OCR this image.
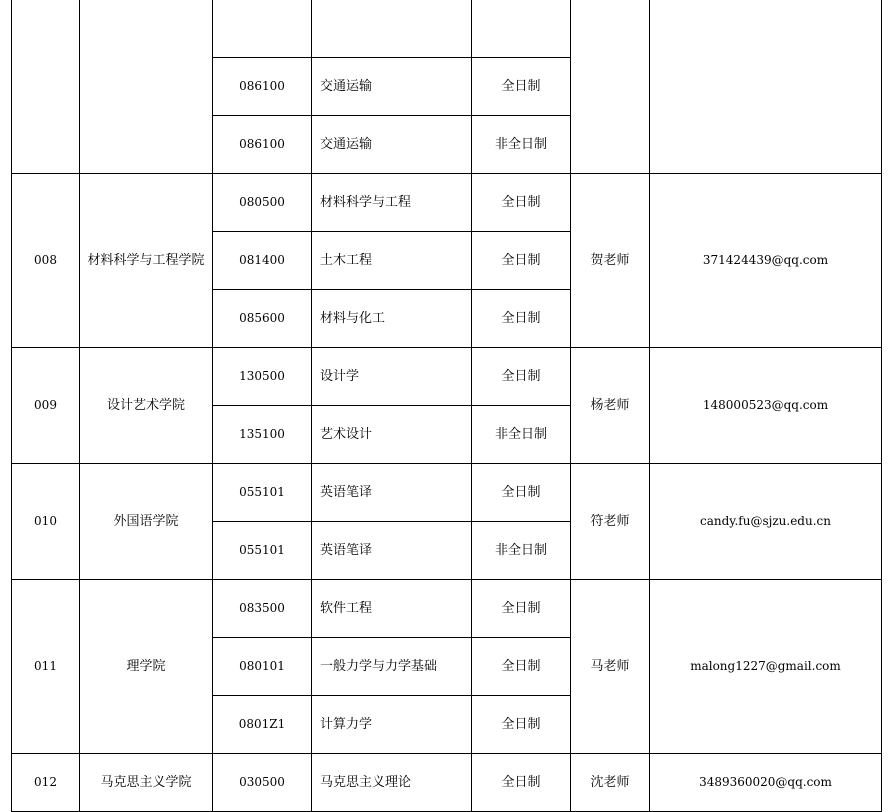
		086100	交通运输	全日制		
		086100	交通运输	非全日制		
008	材料科学与工程学院	080500	材料科学与工程	全日制	贺老师	371424439@qq.com
		081400	土木工程	全日制		
		085600	材料与化工	全日制		
009	设计艺术学院	130500	设计学	全日制	杨老师	148000523@qq.com
		135100	艺术设计	非全日制		
010	外国语学院	055101	英语笔译	全日制	符老师	candy.fu@sjzu.edu.cn
		055101	英语笔译	非全日制		
011	理学院	083500	软件工程	全日制	马老师	malong1227@gmail.com
		080101	一般力学与力学基础	全日制		
		0801Z1	计算力学	全日制		
012	马克思主义学院	030500	马克思主义理论	全日制	沈老师	3489360020@qq.com
